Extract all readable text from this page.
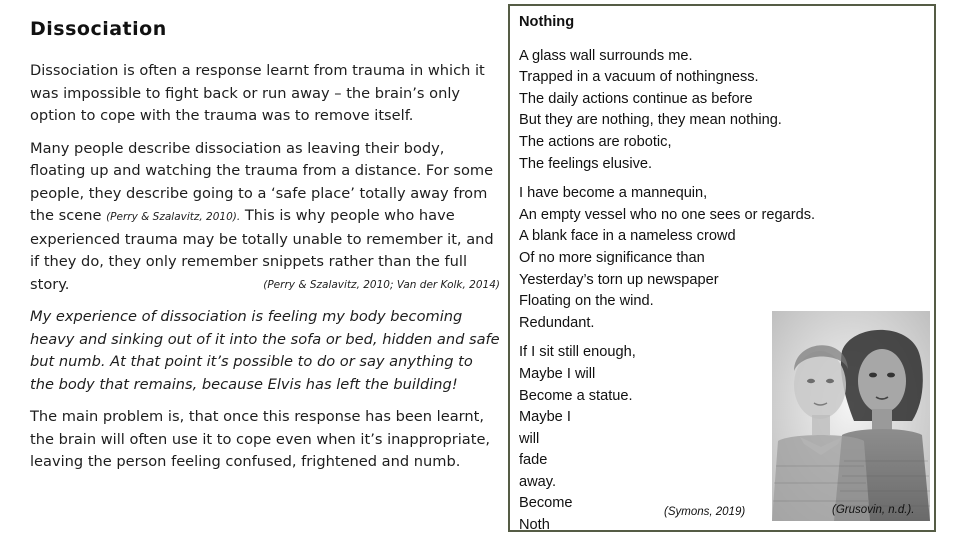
Dissociation

Dissociation is often a response learnt from trauma in which it was impossible to fight back or run away – the brain’s only option to cope with the trauma was to remove itself.

Many people describe dissociation as leaving their body, floating up and watching the trauma from a distance. For some people, they describe going to a ‘safe place’ totally away from the scene (Perry & Szalavitz, 2010). This is why people who have experienced trauma may be totally unable to remember it, and if they do, they only remember snippets rather than the full story.	(Perry & Szalavitz, 2010; Van der Kolk, 2014)

My experience of dissociation is feeling my body becoming heavy and sinking out of it into the sofa or bed, hidden and safe but numb. At that point it’s possible to do or say anything to the body that remains, because Elvis has left the building!

The main problem is, that once this response has been learnt, the brain will often use it to cope even when it’s inappropriate, leaving the person feeling confused, frightened and numb.

Nothing
A glass wall surrounds me.
Trapped in a vacuum of nothingness.
The daily actions continue as before
But they are nothing, they mean nothing.
The actions are robotic,
The feelings elusive.
I have become a mannequin,
An empty vessel who no one sees or regards.
A blank face in a nameless crowd
Of no more significance than
Yesterday’s torn up newspaper
Floating on the wind.
Redundant.
If I sit still enough,
Maybe I will
Become a statue.
Maybe I
will
fade
away.
Become
Noth
(Symons, 2019)	(Grusovin, n.d.).
